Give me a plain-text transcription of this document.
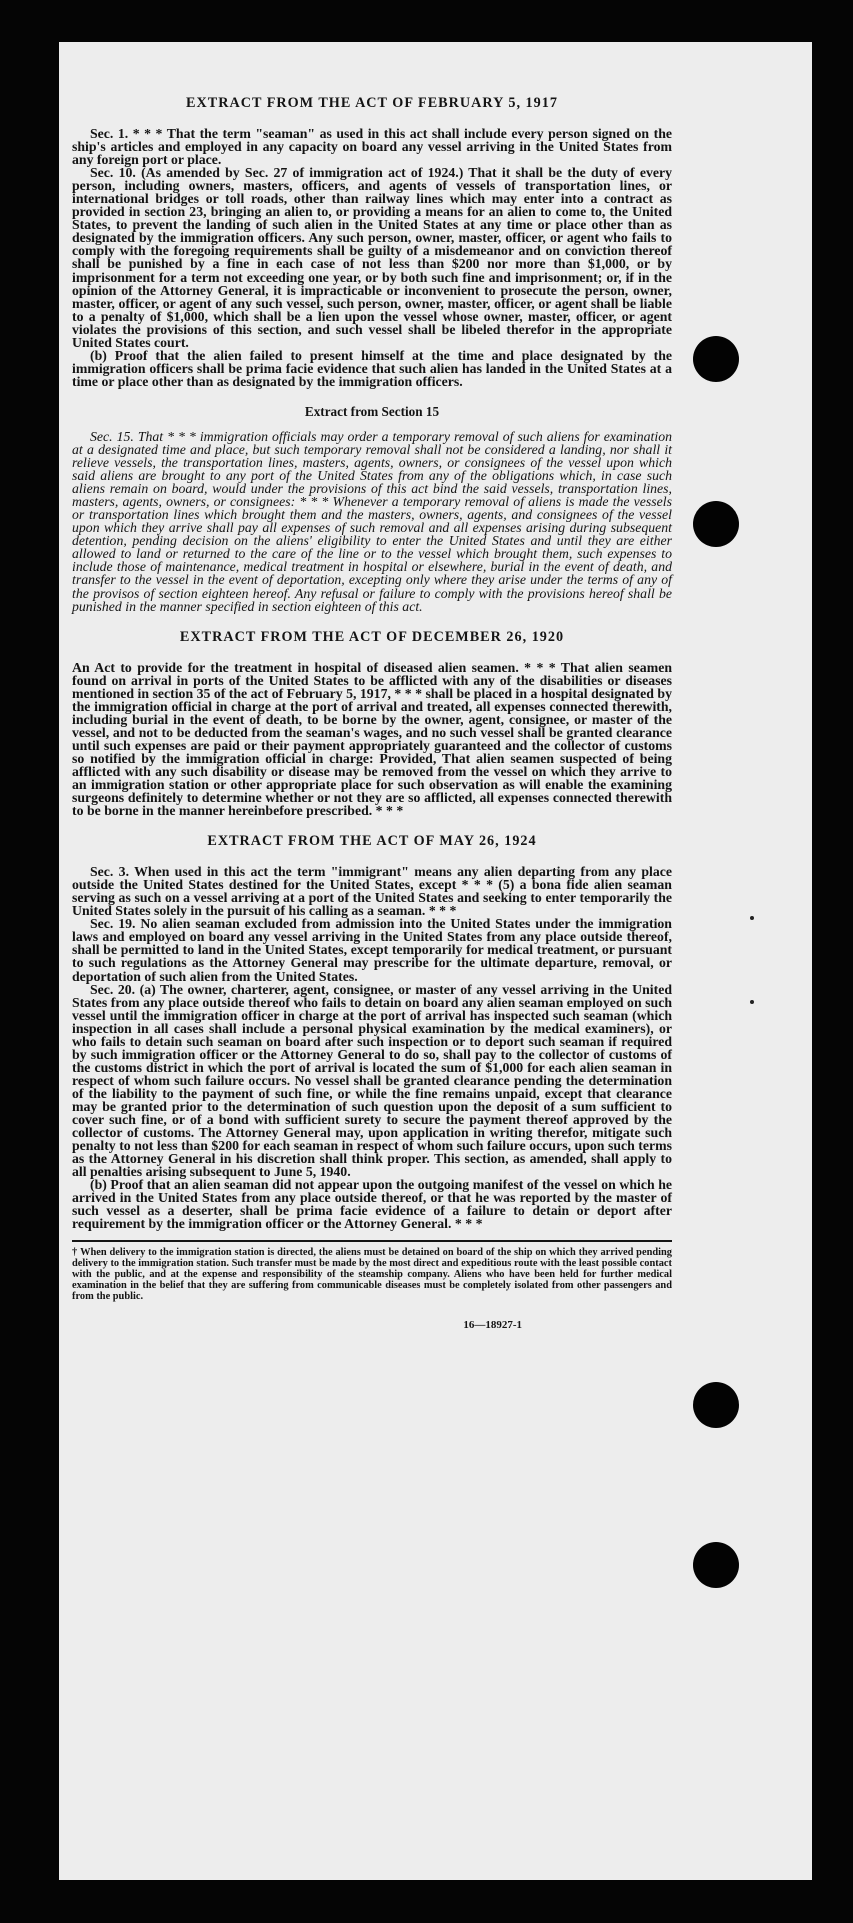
EXTRACT FROM THE ACT OF FEBRUARY 5, 1917

Sec. 1. * * * That the term "seaman" as used in this act shall include every person signed on the ship's articles and employed in any capacity on board any vessel arriving in the United States from any foreign port or place.

Sec. 10. (As amended by Sec. 27 of immigration act of 1924.) That it shall be the duty of every person, including owners, masters, officers, and agents of vessels of transportation lines, or international bridges or toll roads, other than railway lines which may enter into a contract as provided in section 23, bringing an alien to, or providing a means for an alien to come to, the United States, to prevent the landing of such alien in the United States at any time or place other than as designated by the immigration officers. Any such person, owner, master, officer, or agent who fails to comply with the foregoing requirements shall be guilty of a misdemeanor and on conviction thereof shall be punished by a fine in each case of not less than $200 nor more than $1,000, or by imprisonment for a term not exceeding one year, or by both such fine and imprisonment; or, if in the opinion of the Attorney General, it is impracticable or inconvenient to prosecute the person, owner, master, officer, or agent of any such vessel, such person, owner, master, officer, or agent shall be liable to a penalty of $1,000, which shall be a lien upon the vessel whose owner, master, officer, or agent violates the provisions of this section, and such vessel shall be libeled therefor in the appropriate United States court.

(b) Proof that the alien failed to present himself at the time and place designated by the immigration officers shall be prima facie evidence that such alien has landed in the United States at a time or place other than as designated by the immigration officers.

Extract from Section 15

Sec. 15. That * * * immigration officials may order a temporary removal of such aliens for examination at a designated time and place, but such temporary removal shall not be considered a landing, nor shall it relieve vessels, the transportation lines, masters, agents, owners, or consignees of the vessel upon which said aliens are brought to any port of the United States from any of the obligations which, in case such aliens remain on board, would under the provisions of this act bind the said vessels, transportation lines, masters, agents, owners, or consignees: * * * Whenever a temporary removal of aliens is made the vessels or transportation lines which brought them and the masters, owners, agents, and consignees of the vessel upon which they arrive shall pay all expenses of such removal and all expenses arising during subsequent detention, pending decision on the aliens' eligibility to enter the United States and until they are either allowed to land or returned to the care of the line or to the vessel which brought them, such expenses to include those of maintenance, medical treatment in hospital or elsewhere, burial in the event of death, and transfer to the vessel in the event of deportation, excepting only where they arise under the terms of any of the provisos of section eighteen hereof. Any refusal or failure to comply with the provisions hereof shall be punished in the manner specified in section eighteen of this act.

EXTRACT FROM THE ACT OF DECEMBER 26, 1920

An Act to provide for the treatment in hospital of diseased alien seamen. * * * That alien seamen found on arrival in ports of the United States to be afflicted with any of the disabilities or diseases mentioned in section 35 of the act of February 5, 1917, * * * shall be placed in a hospital designated by the immigration official in charge at the port of arrival and treated, all expenses connected therewith, including burial in the event of death, to be borne by the owner, agent, consignee, or master of the vessel, and not to be deducted from the seaman's wages, and no such vessel shall be granted clearance until such expenses are paid or their payment appropriately guaranteed and the collector of customs so notified by the immigration official in charge: Provided, That alien seamen suspected of being afflicted with any such disability or disease may be removed from the vessel on which they arrive to an immigration station or other appropriate place for such observation as will enable the examining surgeons definitely to determine whether or not they are so afflicted, all expenses connected therewith to be borne in the manner hereinbefore prescribed. * * *

EXTRACT FROM THE ACT OF MAY 26, 1924

Sec. 3. When used in this act the term "immigrant" means any alien departing from any place outside the United States destined for the United States, except * * * (5) a bona fide alien seaman serving as such on a vessel arriving at a port of the United States and seeking to enter temporarily the United States solely in the pursuit of his calling as a seaman. * * *

Sec. 19. No alien seaman excluded from admission into the United States under the immigration laws and employed on board any vessel arriving in the United States from any place outside thereof, shall be permitted to land in the United States, except temporarily for medical treatment, or pursuant to such regulations as the Attorney General may prescribe for the ultimate departure, removal, or deportation of such alien from the United States.

Sec. 20. (a) The owner, charterer, agent, consignee, or master of any vessel arriving in the United States from any place outside thereof who fails to detain on board any alien seaman employed on such vessel until the immigration officer in charge at the port of arrival has inspected such seaman (which inspection in all cases shall include a personal physical examination by the medical examiners), or who fails to detain such seaman on board after such inspection or to deport such seaman if required by such immigration officer or the Attorney General to do so, shall pay to the collector of customs of the customs district in which the port of arrival is located the sum of $1,000 for each alien seaman in respect of whom such failure occurs. No vessel shall be granted clearance pending the determination of the liability to the payment of such fine, or while the fine remains unpaid, except that clearance may be granted prior to the determination of such question upon the deposit of a sum sufficient to cover such fine, or of a bond with sufficient surety to secure the payment thereof approved by the collector of customs. The Attorney General may, upon application in writing therefor, mitigate such penalty to not less than $200 for each seaman in respect of whom such failure occurs, upon such terms as the Attorney General in his discretion shall think proper. This section, as amended, shall apply to all penalties arising subsequent to June 5, 1940.

(b) Proof that an alien seaman did not appear upon the outgoing manifest of the vessel on which he arrived in the United States from any place outside thereof, or that he was reported by the master of such vessel as a deserter, shall be prima facie evidence of a failure to detain or deport after requirement by the immigration officer or the Attorney General. * * *

† When delivery to the immigration station is directed, the aliens must be detained on board of the ship on which they arrived pending delivery to the immigration station. Such transfer must be made by the most direct and expeditious route with the least possible contact with the public, and at the expense and responsibility of the steamship company. Aliens who have been held for further medical examination in the belief that they are suffering from communicable diseases must be completely isolated from other passengers and from the public.

16—18927-1
